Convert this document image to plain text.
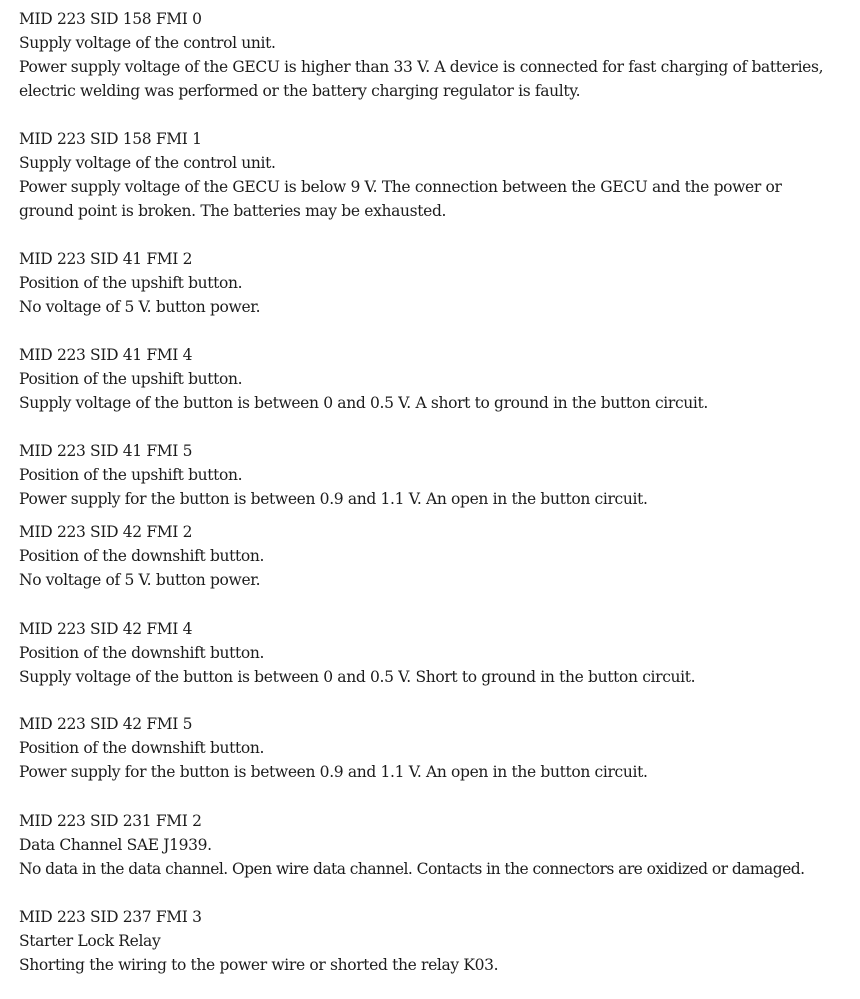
MID 223 SID 158 FMI 0
Supply voltage of the control unit.
Power supply voltage of the GECU is higher than 33 V. A device is connected for fast charging of batteries,
electric welding was performed or the battery charging regulator is faulty.
MID 223 SID 158 FMI 1
Supply voltage of the control unit.
Power supply voltage of the GECU is below 9 V. The connection between the GECU and the power or
ground point is broken. The batteries may be exhausted.
MID 223 SID 41 FMI 2
Position of the upshift button.
No voltage of 5 V. button power.
MID 223 SID 41 FMI 4
Position of the upshift button.
Supply voltage of the button is between 0 and 0.5 V. A short to ground in the button circuit.
MID 223 SID 41 FMI 5
Position of the upshift button.
Power supply for the button is between 0.9 and 1.1 V. An open in the button circuit.
MID 223 SID 42 FMI 2
Position of the downshift button.
No voltage of 5 V. button power.
MID 223 SID 42 FMI 4
Position of the downshift button.
Supply voltage of the button is between 0 and 0.5 V. Short to ground in the button circuit.
MID 223 SID 42 FMI 5
Position of the downshift button.
Power supply for the button is between 0.9 and 1.1 V. An open in the button circuit.
MID 223 SID 231 FMI 2
Data Channel SAE J1939.
No data in the data channel. Open wire data channel. Contacts in the connectors are oxidized or damaged.
MID 223 SID 237 FMI 3
Starter Lock Relay
Shorting the wiring to the power wire or shorted the relay K03.
